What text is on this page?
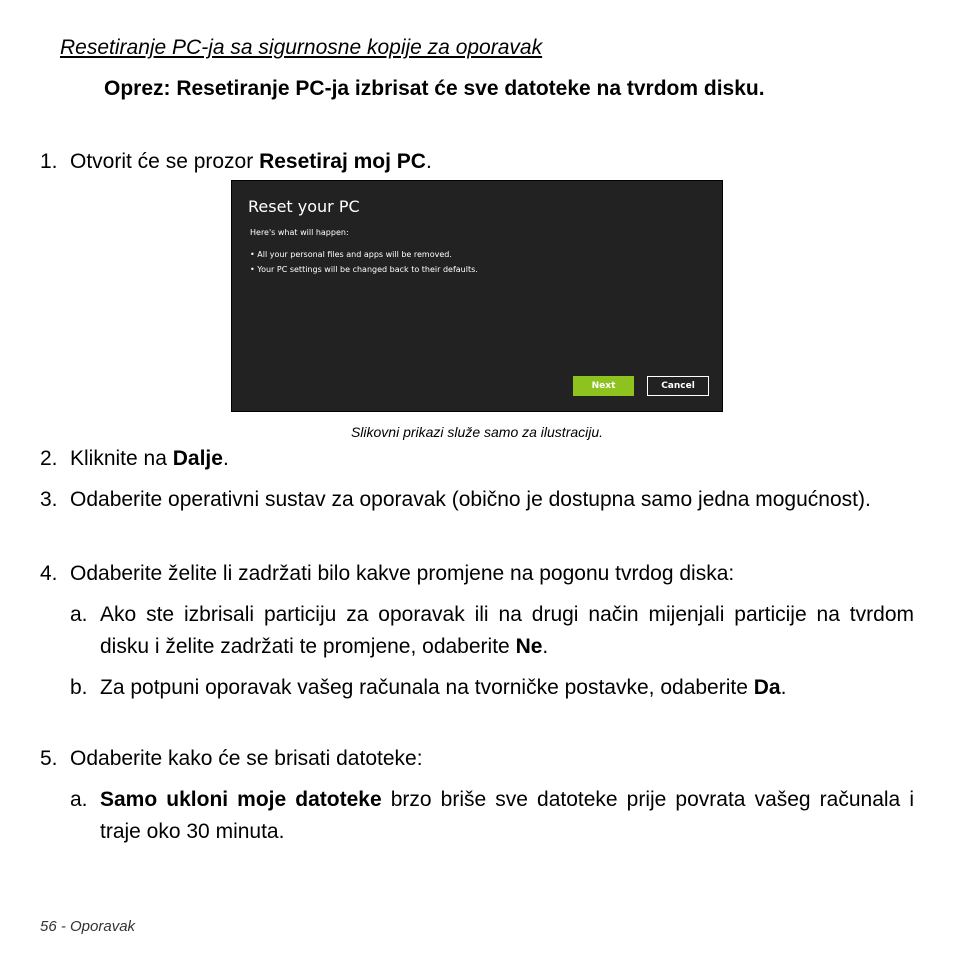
Resetiranje PC-ja sa sigurnosne kopije za oporavak
Oprez: Resetiranje PC-ja izbrisat će sve datoteke na tvrdom disku.
1. Otvorit će se prozor Resetiraj moj PC.
Reset your PC
Here's what will happen:
• All your personal files and apps will be removed.
• Your PC settings will be changed back to their defaults.
Next	Cancel
Slikovni prikazi služe samo za ilustraciju.
2. Kliknite na Dalje.
3. Odaberite operativni sustav za oporavak (obično je dostupna samo jedna mogućnost).
4. Odaberite želite li zadržati bilo kakve promjene na pogonu tvrdog diska:
a. Ako ste izbrisali particiju za oporavak ili na drugi način mijenjali particije na tvrdom disku i želite zadržati te promjene, odaberite Ne.
b. Za potpuni oporavak vašeg računala na tvorničke postavke, odaberite Da.
5. Odaberite kako će se brisati datoteke:
a. Samo ukloni moje datoteke brzo briše sve datoteke prije povrata vašeg računala i traje oko 30 minuta.
56 - Oporavak
